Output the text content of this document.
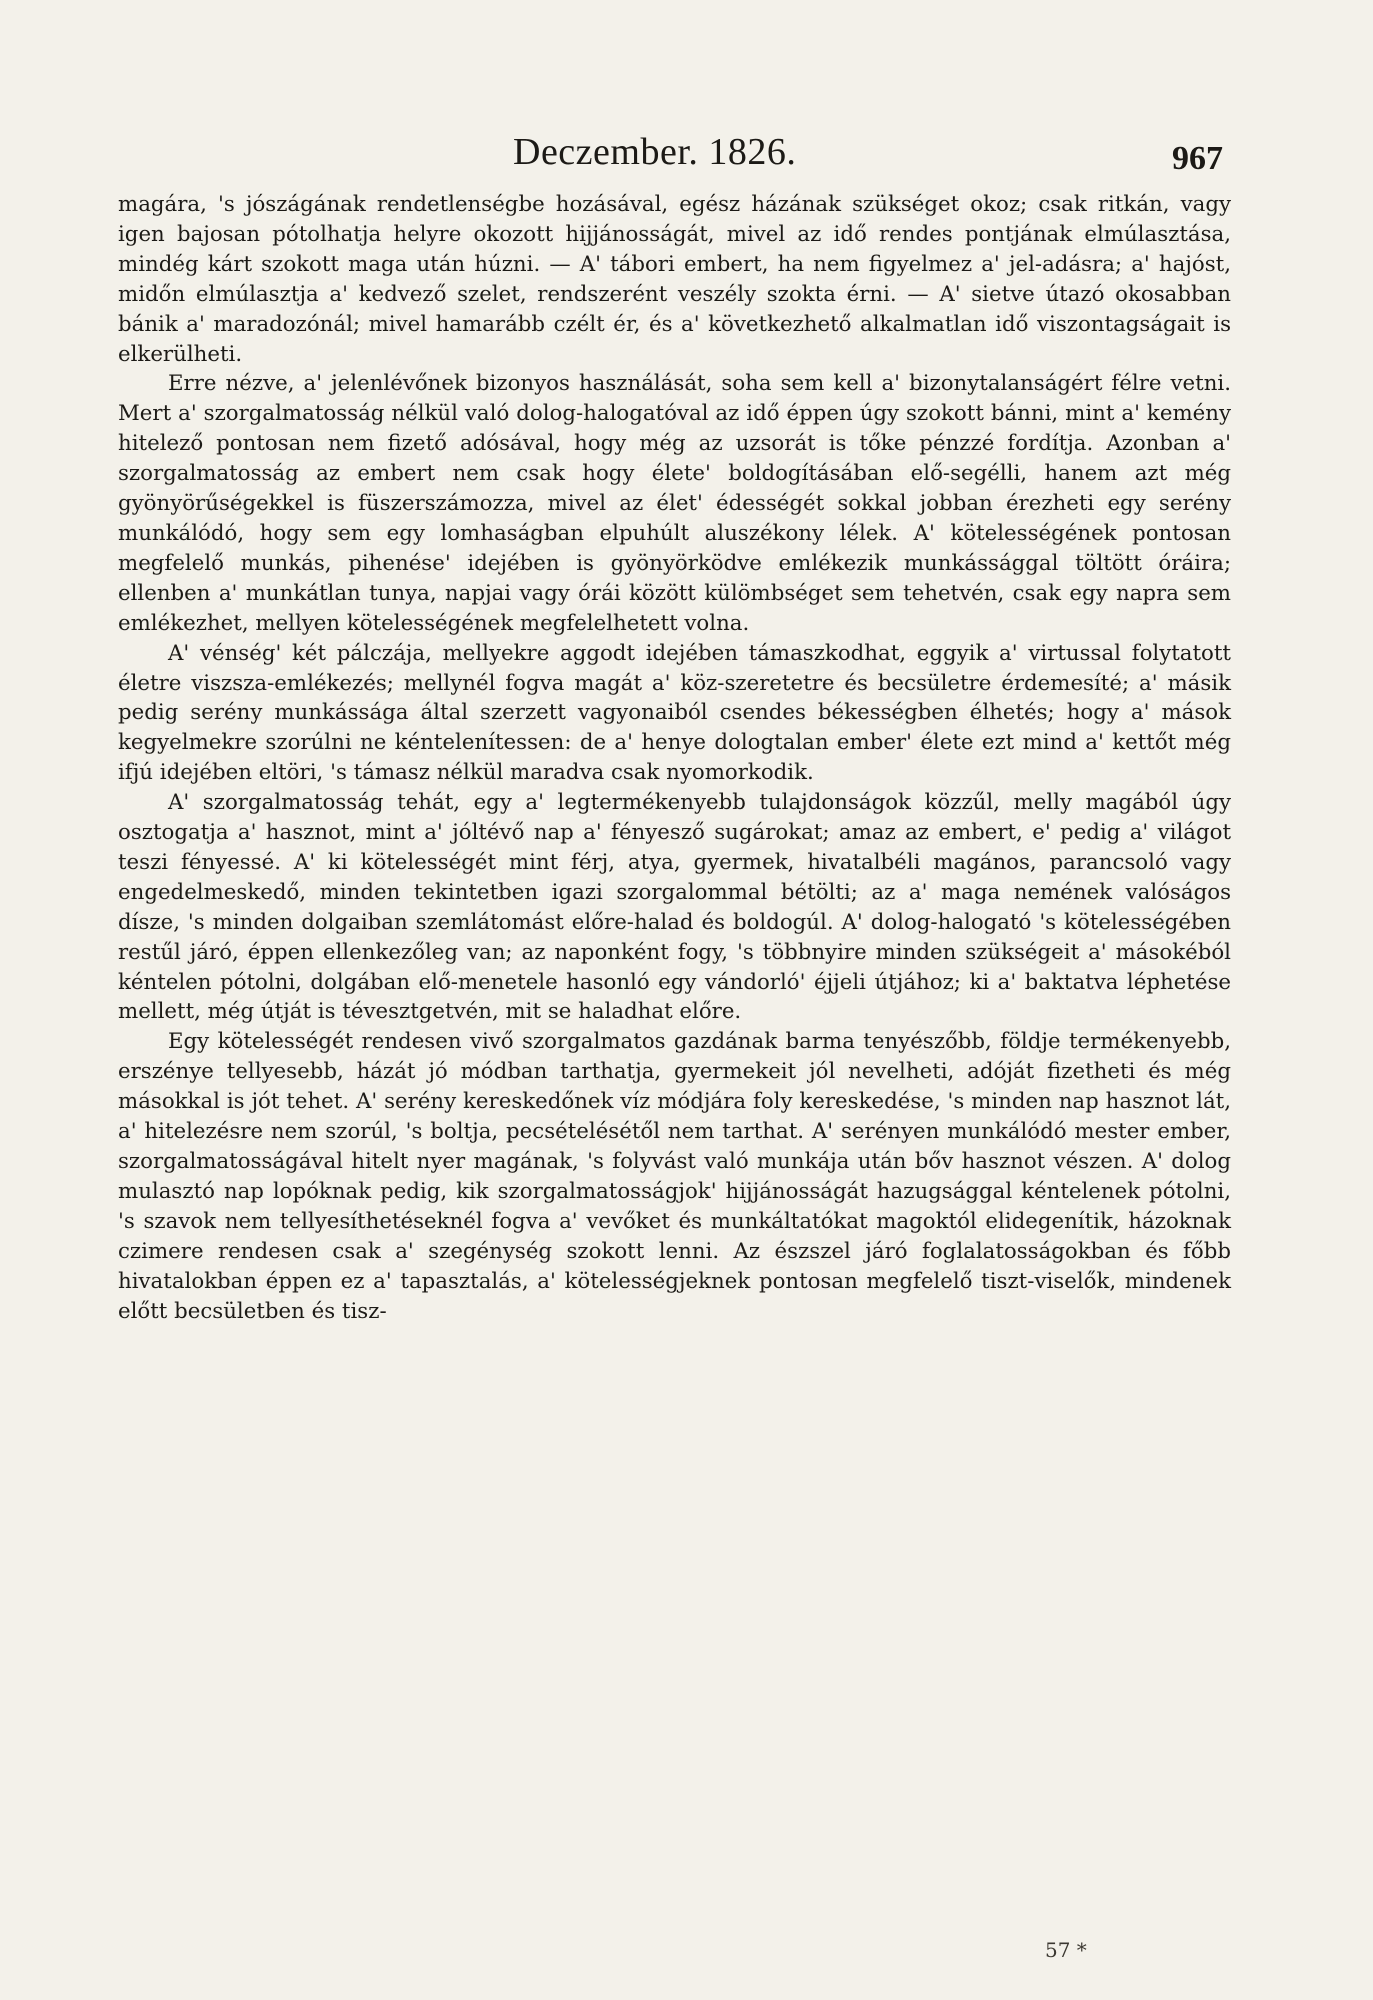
Deczember. 1826.	967

magára, 's jószágának rendetlenségbe hozásával, egész házának szükséget okoz; csak ritkán, vagy igen bajosan pótolhatja helyre okozott hijjánosságát, mivel az idő rendes pontjának elmúlasztása, mindég kárt szokott maga után húzni. — A' tábori embert, ha nem figyelmez a' jel-adásra; a' hajóst, midőn elmúlasztja a' kedvező szelet, rendszerént veszély szokta érni. — A' sietve útazó okosabban bánik a' maradozónál; mivel hamarább czélt ér, és a' következhető alkalmatlan idő viszontagságait is elkerülheti.

Erre nézve, a' jelenlévőnek bizonyos használását, soha sem kell a' bizonytalanságért félre vetni. Mert a' szorgalmatosság nélkül való dolog-halogatóval az idő éppen úgy szokott bánni, mint a' kemény hitelező pontosan nem fizető adósával, hogy még az uzsorát is tőke pénzzé fordítja. Azonban a' szorgalmatosság az embert nem csak hogy élete' boldogításában elő-segélli, hanem azt még gyönyörűségekkel is füszerszámozza, mivel az élet' édességét sokkal jobban érezheti egy serény munkálódó, hogy sem egy lomhaságban elpuhúlt aluszékony lélek. A' kötelességének pontosan megfelelő munkás, pihenése' idejében is gyönyörködve emlékezik munkássággal töltött óráira; ellenben a' munkátlan tunya, napjai vagy órái között külömbséget sem tehetvén, csak egy napra sem emlékezhet, mellyen kötelességének megfelelhetett volna.

A' vénség' két pálczája, mellyekre aggodt idejében támaszkodhat, eggyik a' virtussal folytatott életre viszsza-emlékezés; mellynél fogva magát a' köz-szeretetre és becsületre érdemesíté; a' másik pedig serény munkássága által szerzett vagyonaiból csendes békességben élhetés; hogy a' mások kegyelmekre szorúlni ne kéntelenítessen: de a' henye dologtalan ember' élete ezt mind a' kettőt még ifjú idejében eltöri, 's támasz nélkül maradva csak nyomorkodik.

A' szorgalmatosság tehát, egy a' legtermékenyebb tulajdonságok közzűl, melly magából úgy osztogatja a' hasznot, mint a' jóltévő nap a' fényesző sugárokat; amaz az embert, e' pedig a' világot teszi fényessé. A' ki kötelességét mint férj, atya, gyermek, hivatalbéli magános, parancsoló vagy engedelmeskedő, minden tekintetben igazi szorgalommal bétölti; az a' maga nemének valóságos dísze, 's minden dolgaiban szemlátomást előre-halad és boldogúl. A' dolog-halogató 's kötelességében restűl járó, éppen ellenkezőleg van; az naponként fogy, 's többnyire minden szükségeit a' másokéból kéntelen pótolni, dolgában elő-menetele hasonló egy vándorló' éjjeli útjához; ki a' baktatva léphetése mellett, még útját is tévesztgetvén, mit se haladhat előre.

Egy kötelességét rendesen vivő szorgalmatos gazdának barma tenyészőbb, földje termékenyebb, erszénye tellyesebb, házát jó módban tarthatja, gyermekeit jól nevelheti, adóját fizetheti és még másokkal is jót tehet. A' serény kereskedőnek víz módjára foly kereskedése, 's minden nap hasznot lát, a' hitelezésre nem szorúl, 's boltja, pecsételésétől nem tarthat. A' serényen munkálódó mester ember, szorgalmatosságával hitelt nyer magának, 's folyvást való munkája után bőv hasznot vészen. A' dolog mulasztó nap lopóknak pedig, kik szorgalmatosságjok' hijjánosságát hazugsággal kéntelenek pótolni, 's szavok nem tellyesíthetéseknél fogva a' vevőket és munkáltatókat magoktól elidegenítik, házoknak czimere rendesen csak a' szegénység szokott lenni. Az észszel járó foglalatosságokban és főbb hivatalokban éppen ez a' tapasztalás, a' kötelességjeknek pontosan megfelelő tiszt-viselők, mindenek előtt becsületben és tisz-

57 *
